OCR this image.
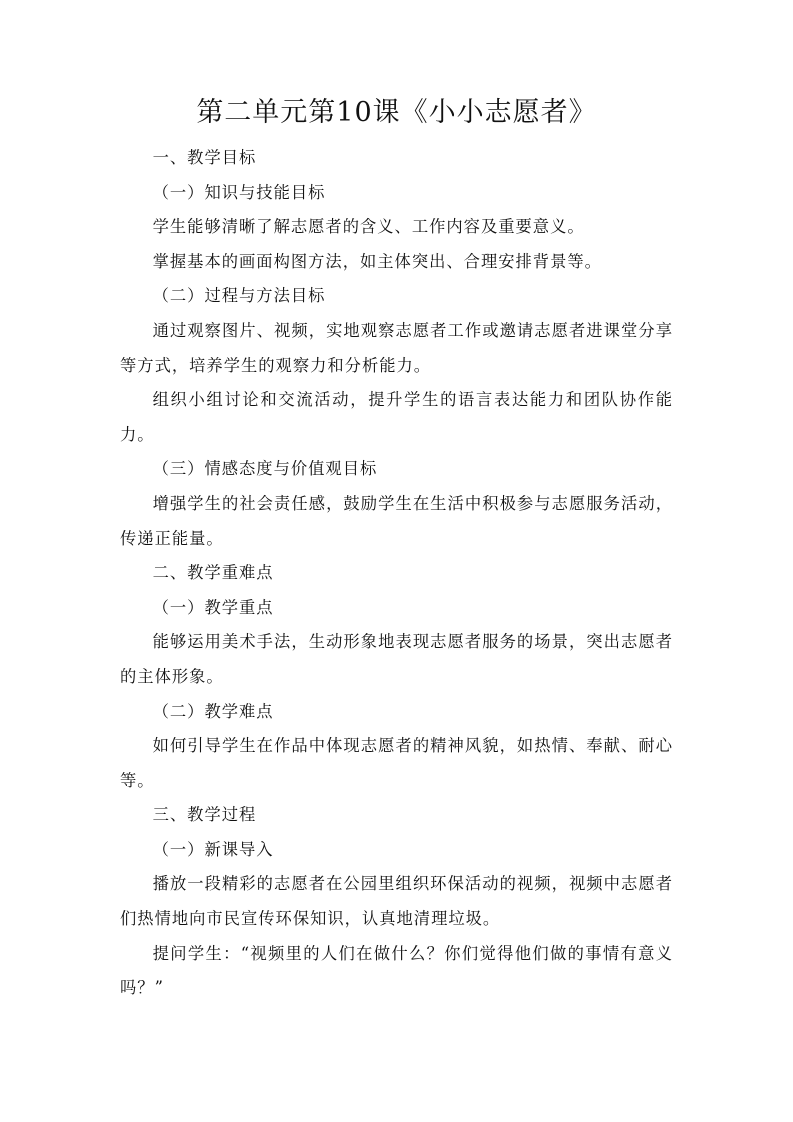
第二单元第10课《小小志愿者》

一、教学目标

（一）知识与技能目标

学生能够清晰了解志愿者的含义、工作内容及重要意义。

掌握基本的画面构图方法，如主体突出、合理安排背景等。

（二）过程与方法目标

通过观察图片、视频，实地观察志愿者工作或邀请志愿者进课堂分享等方式，培养学生的观察力和分析能力。

组织小组讨论和交流活动，提升学生的语言表达能力和团队协作能力。

（三）情感态度与价值观目标

增强学生的社会责任感，鼓励学生在生活中积极参与志愿服务活动，传递正能量。

二、教学重难点

（一）教学重点

能够运用美术手法，生动形象地表现志愿者服务的场景，突出志愿者的主体形象。

（二）教学难点

如何引导学生在作品中体现志愿者的精神风貌，如热情、奉献、耐心等。

三、教学过程

（一）新课导入

播放一段精彩的志愿者在公园里组织环保活动的视频，视频中志愿者们热情地向市民宣传环保知识，认真地清理垃圾。

提问学生：“视频里的人们在做什么？你们觉得他们做的事情有意义吗？”
